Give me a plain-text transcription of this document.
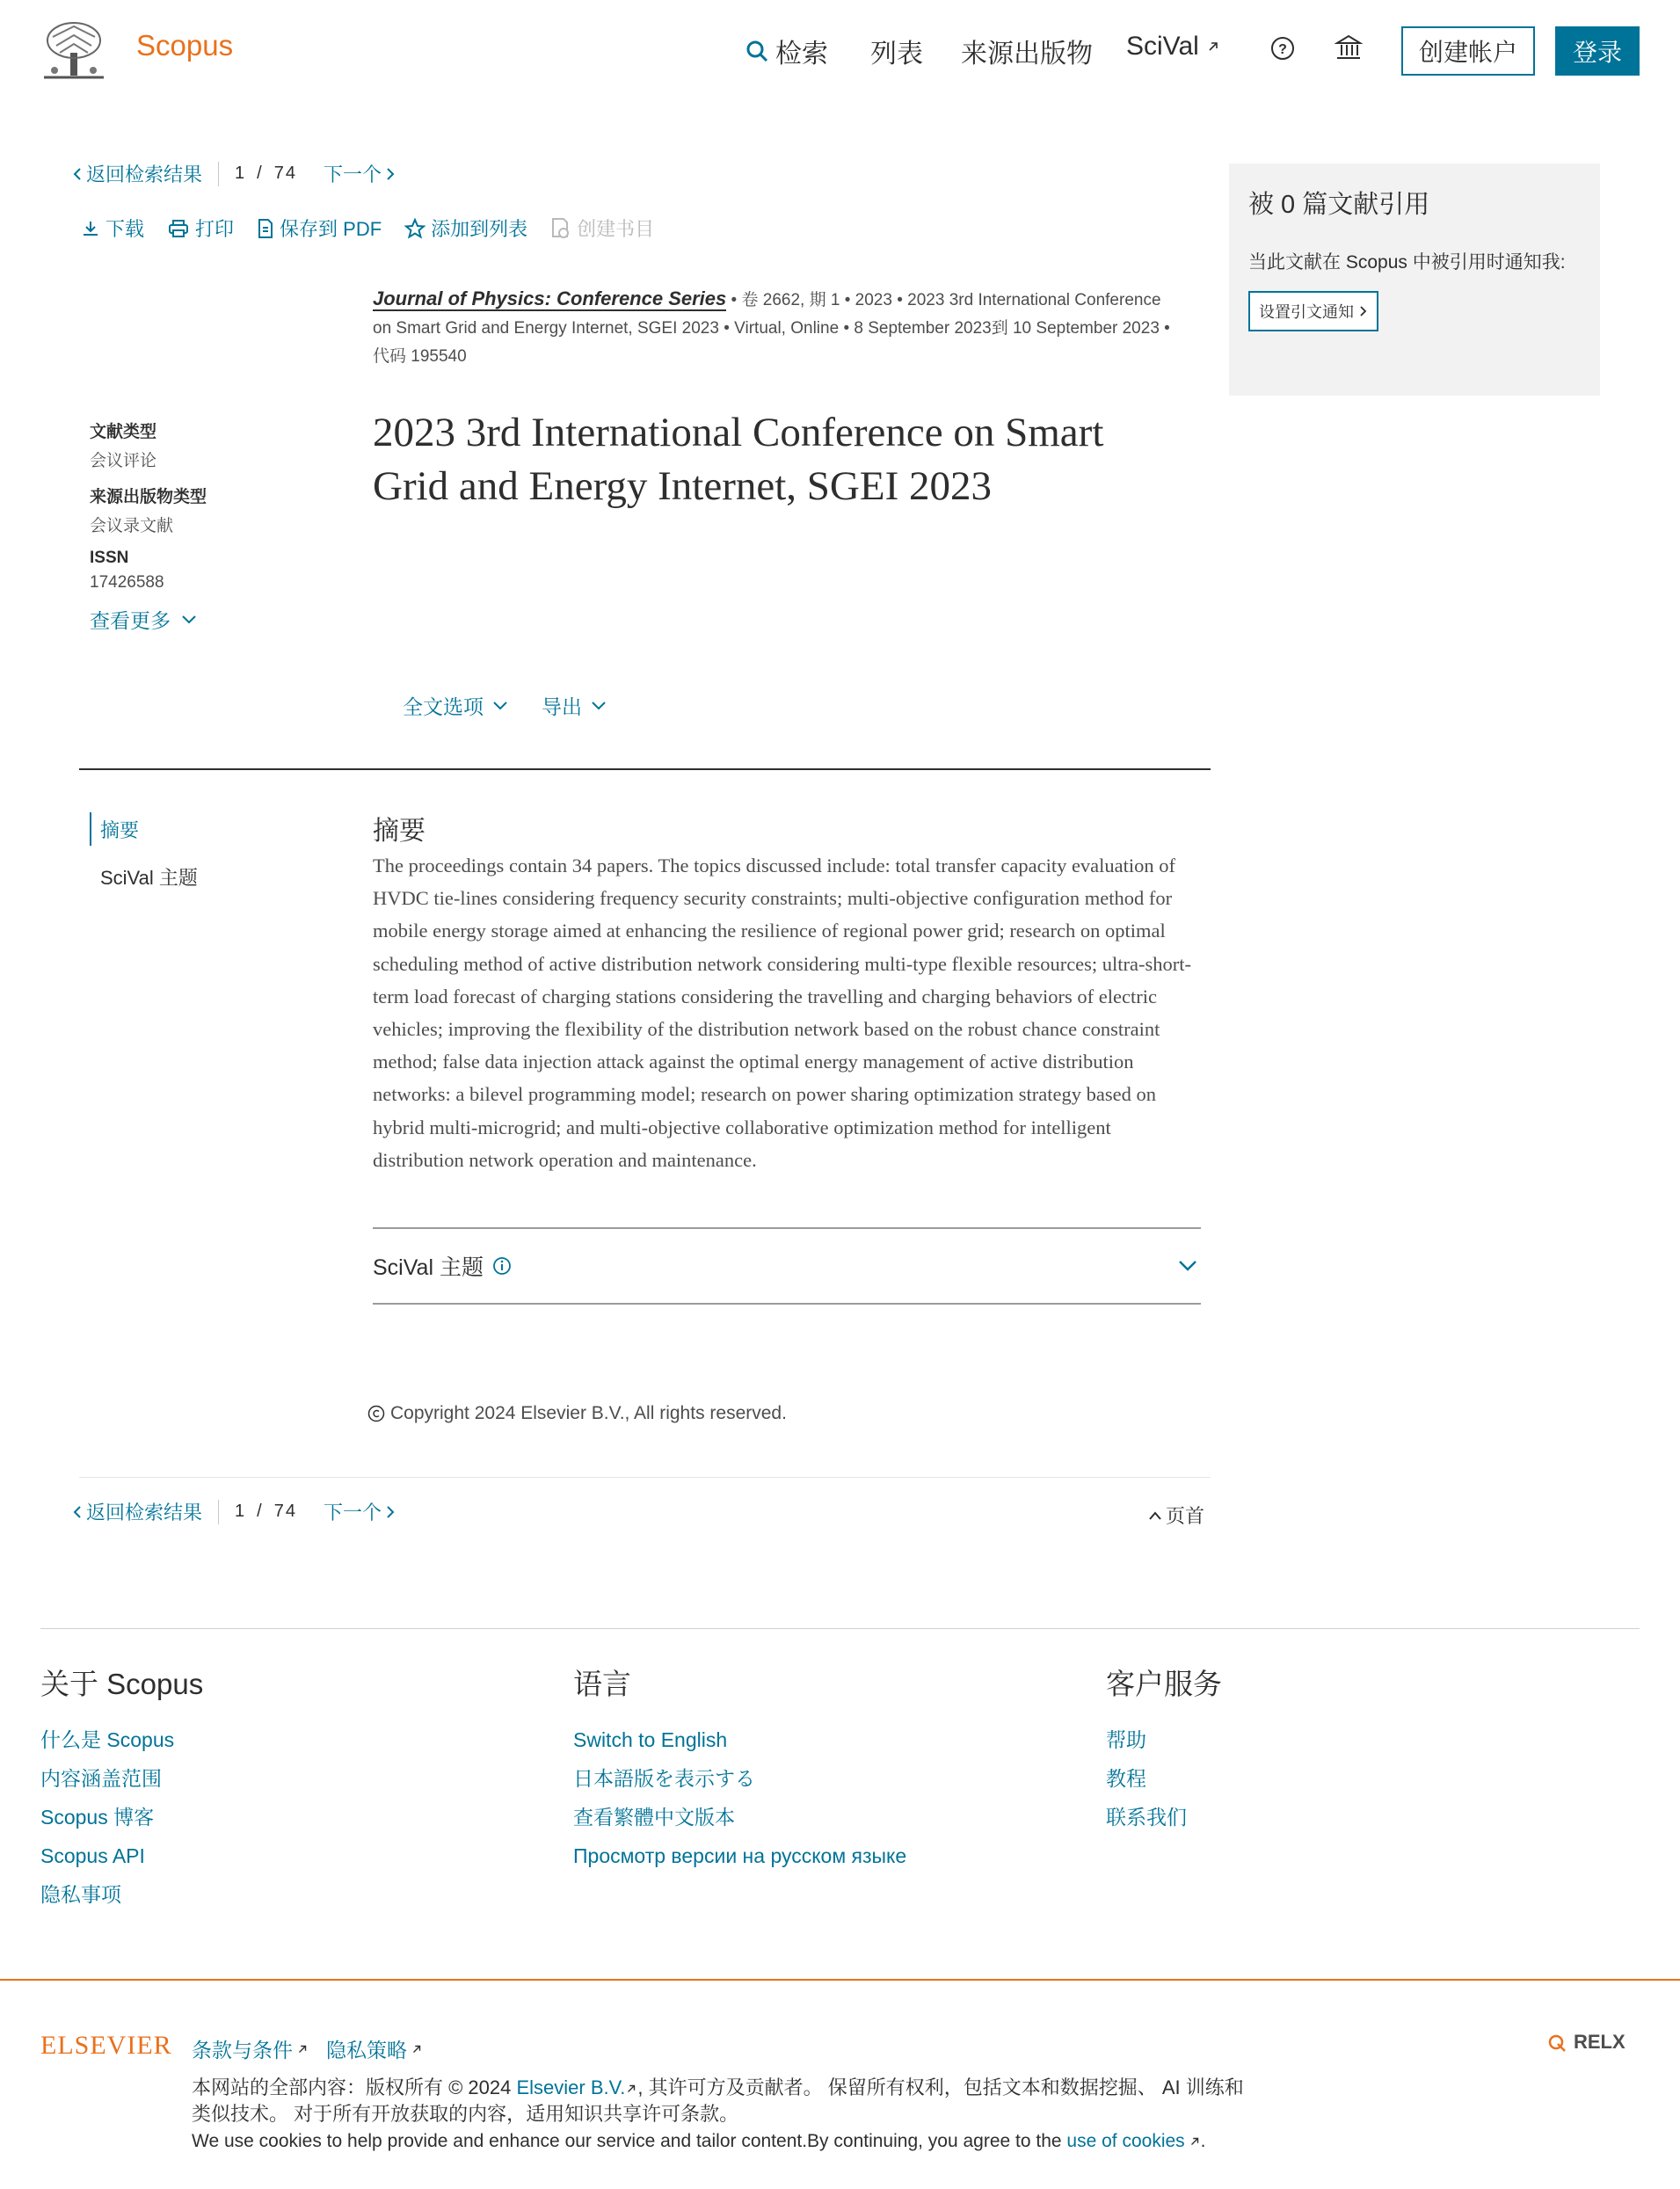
Scopus	检索 列表 来源出版物 SciVal	?	创建帐户	登录
返回检索结果 1 / 74 下一个
下载	打印 保存到 PDF	添加到列表	创建书目
被 0 篇文献引用
当此文献在 Scopus 中被引用时通知我:
设置引文通知
Journal of Physics: Conference Series • 卷 2662, 期 1 • 2023 • 2023 3rd International Conference on Smart Grid and Energy Internet, SGEI 2023 • Virtual, Online • 8 September 2023到 10 September 2023 • 代码 195540
文献类型
会议评论
来源出版物类型
会议录文献
ISSN
17426588
查看更多
2023 3rd International Conference on Smart Grid and Energy Internet, SGEI 2023
全文选项	导出
摘要
SciVal 主题
摘要
The proceedings contain 34 papers. The topics discussed include: total transfer capacity evaluation of HVDC tie-lines considering frequency security constraints; multi-objective configuration method for mobile energy storage aimed at enhancing the resilience of regional power grid; research on optimal scheduling method of active distribution network considering multi-type flexible resources; ultra-short-term load forecast of charging stations considering the travelling and charging behaviors of electric vehicles; improving the flexibility of the distribution network based on the robust chance constraint method; false data injection attack against the optimal energy management of active distribution networks: a bilevel programming model; research on power sharing optimization strategy based on hybrid multi-microgrid; and multi-objective collaborative optimization method for intelligent distribution network operation and maintenance.
SciVal 主题
Copyright 2024 Elsevier B.V., All rights reserved.
返回检索结果 1 / 74 下一个	页首
关于 Scopus
什么是 Scopus
内容涵盖范围
Scopus 博客
Scopus API
隐私事项
语言
Switch to English
日本語版を表示する
查看繁體中文版本
Просмотр версии на русском языке
客户服务
帮助
教程
联系我们
ELSEVIER 条款与条件 隐私策略
本网站的全部内容：版权所有 © 2024 Elsevier B.V. , 其许可方及贡献者。 保留所有权利，包括文本和数据挖掘、 AI 训练和类似技术。 对于所有开放获取的内容，适用知识共享许可条款。
We use cookies to help provide and enhance our service and tailor content.By continuing, you agree to the use of cookies .
RELX
